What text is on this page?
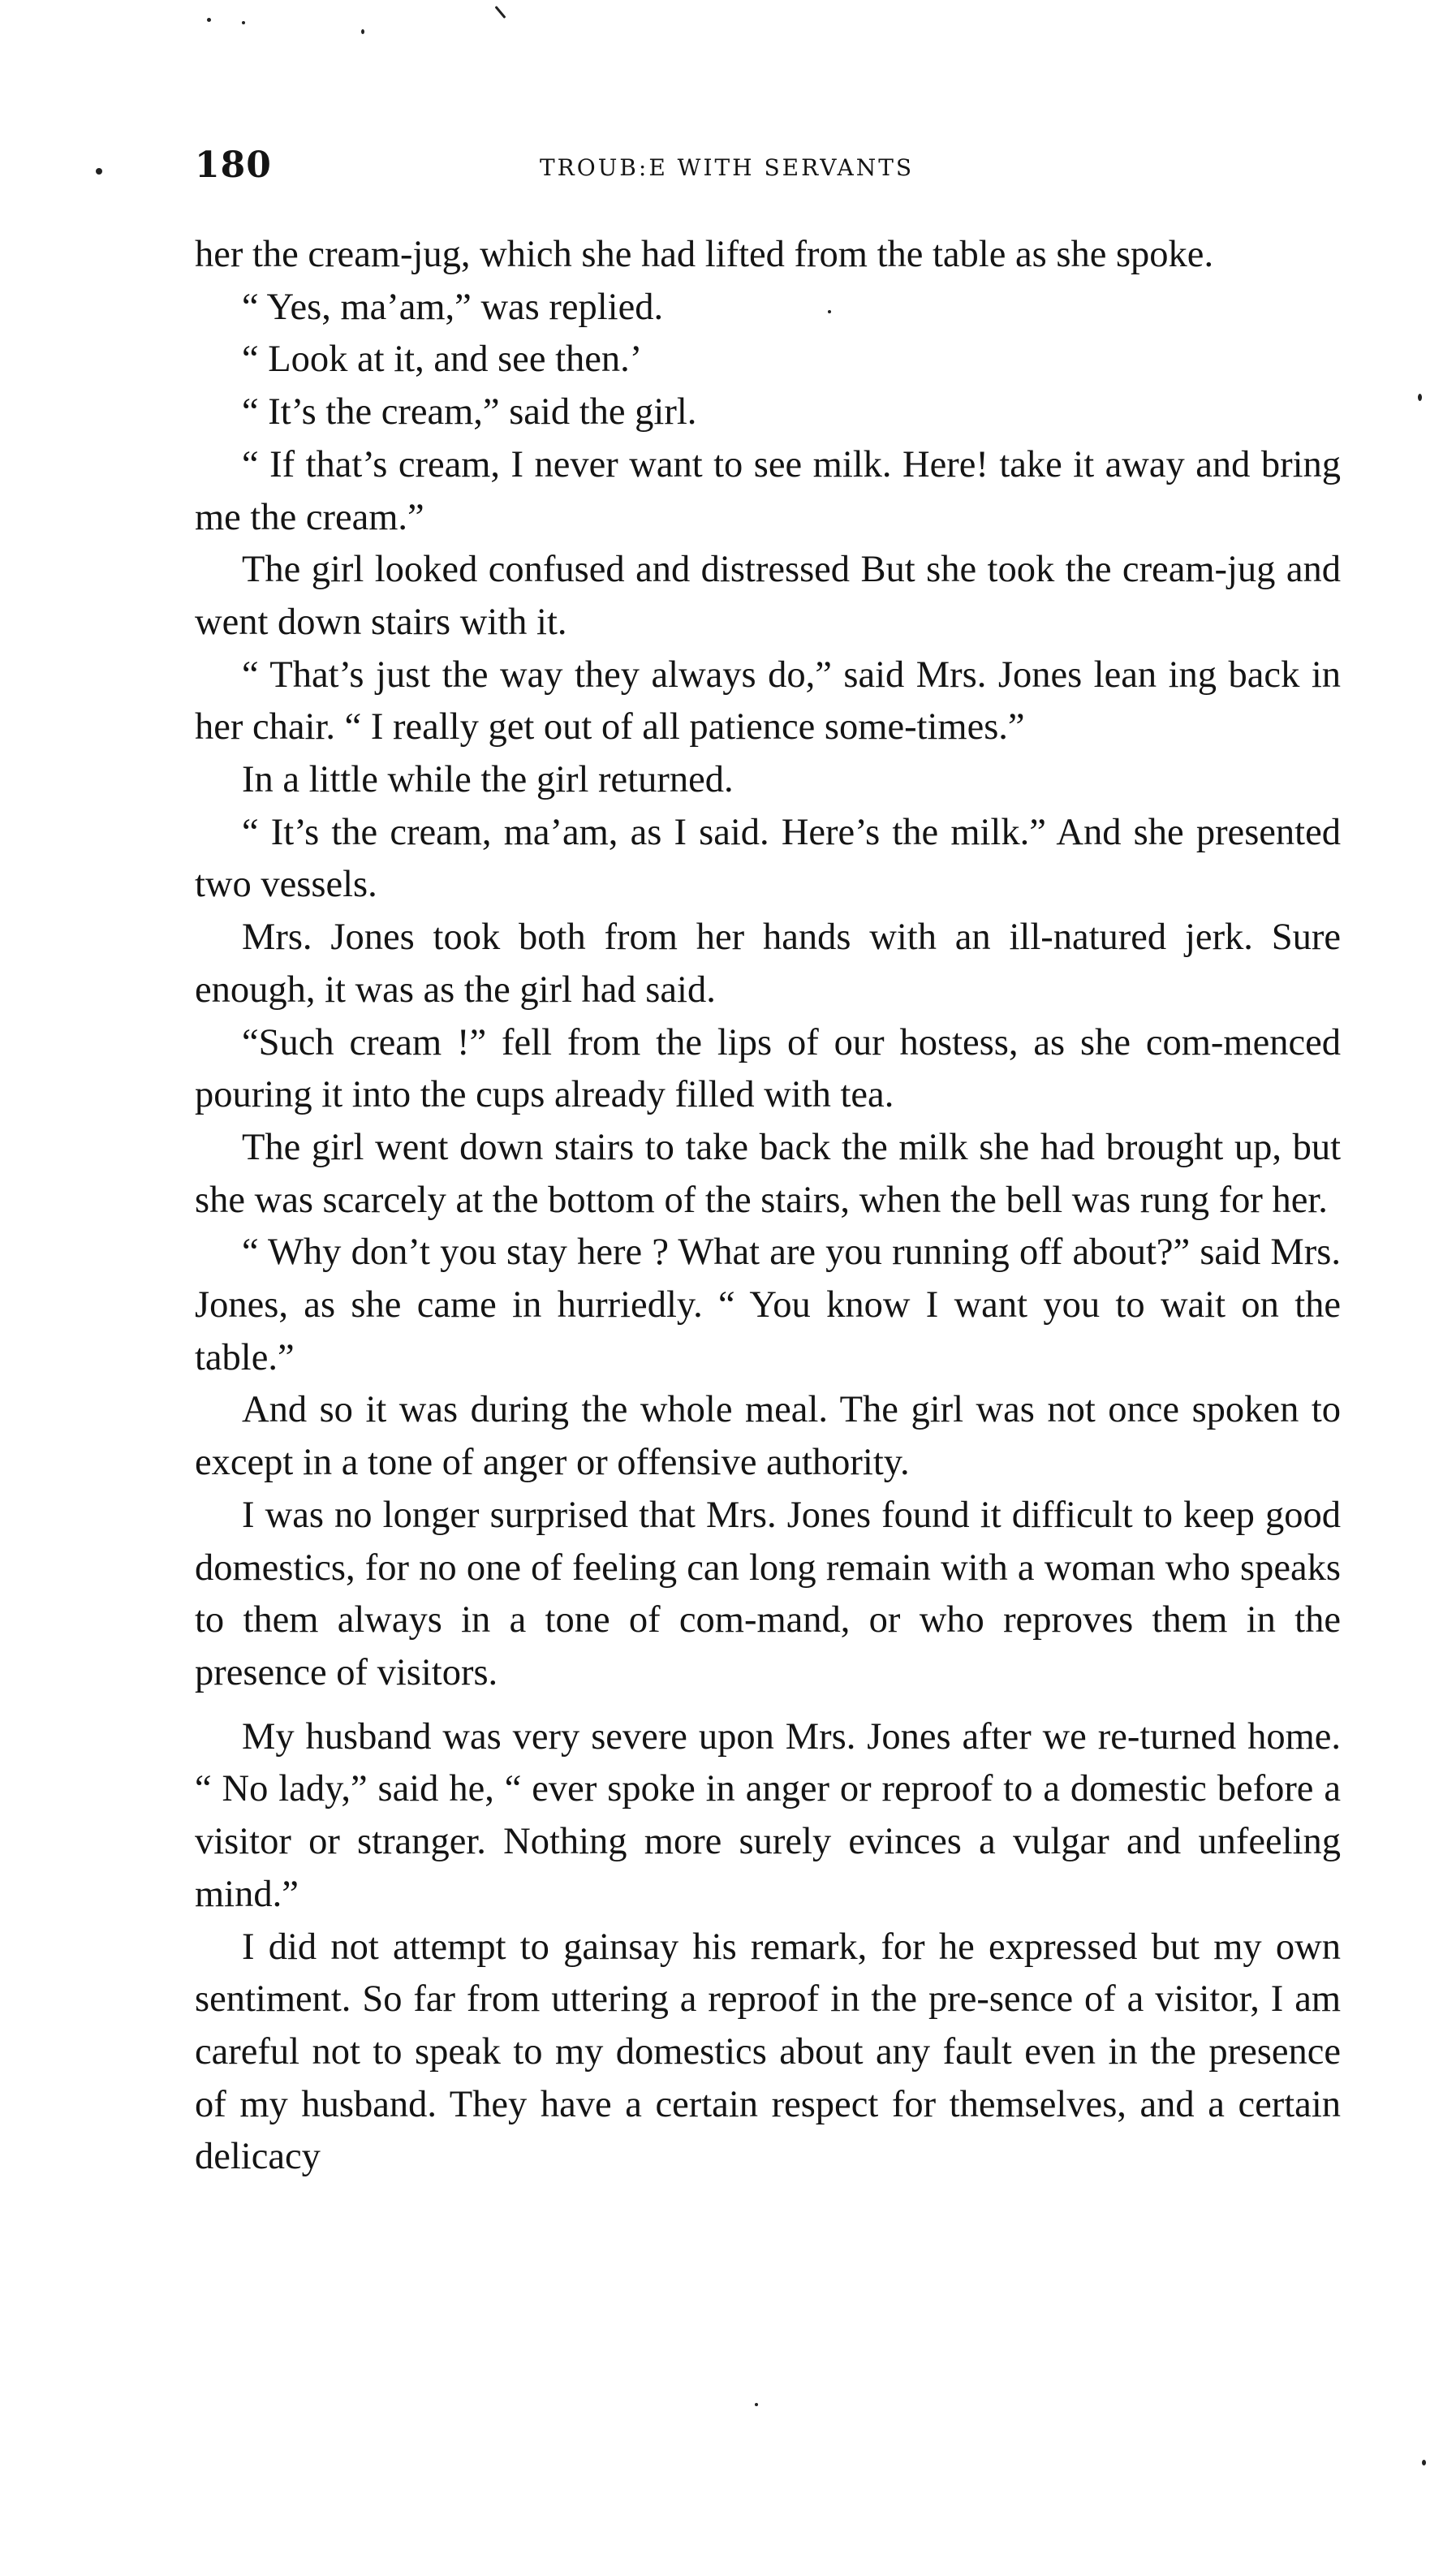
180	TROUB:E WITH SERVANTS

her the cream-jug, which she had lifted from the table as she spoke.

“ Yes, ma’am,” was replied.

“ Look at it, and see then.’

“ It’s the cream,” said the girl.

“ If that’s cream, I never want to see milk. Here! take it away and bring me the cream.”

The girl looked confused and distressed But she took the cream-jug and went down stairs with it.

“ That’s just the way they always do,” said Mrs. Jones lean ing back in her chair. “ I really get out of all patience some-times.”

In a little while the girl returned.

“ It’s the cream, ma’am, as I said. Here’s the milk.” And she presented two vessels.

Mrs. Jones took both from her hands with an ill-natured jerk. Sure enough, it was as the girl had said.

“Such cream !” fell from the lips of our hostess, as she com-menced pouring it into the cups already filled with tea.

The girl went down stairs to take back the milk she had brought up, but she was scarcely at the bottom of the stairs, when the bell was rung for her.

“ Why don’t you stay here ? What are you running off about?” said Mrs. Jones, as she came in hurriedly. “ You know I want you to wait on the table.”

And so it was during the whole meal. The girl was not once spoken to except in a tone of anger or offensive authority.

I was no longer surprised that Mrs. Jones found it difficult to keep good domestics, for no one of feeling can long remain with a woman who speaks to them always in a tone of com-mand, or who reproves them in the presence of visitors.

My husband was very severe upon Mrs. Jones after we re-turned home. “ No lady,” said he, “ ever spoke in anger or reproof to a domestic before a visitor or stranger. Nothing more surely evinces a vulgar and unfeeling mind.”

I did not attempt to gainsay his remark, for he expressed but my own sentiment. So far from uttering a reproof in the pre-sence of a visitor, I am careful not to speak to my domestics about any fault even in the presence of my husband. They have a certain respect for themselves, and a certain delicacy
